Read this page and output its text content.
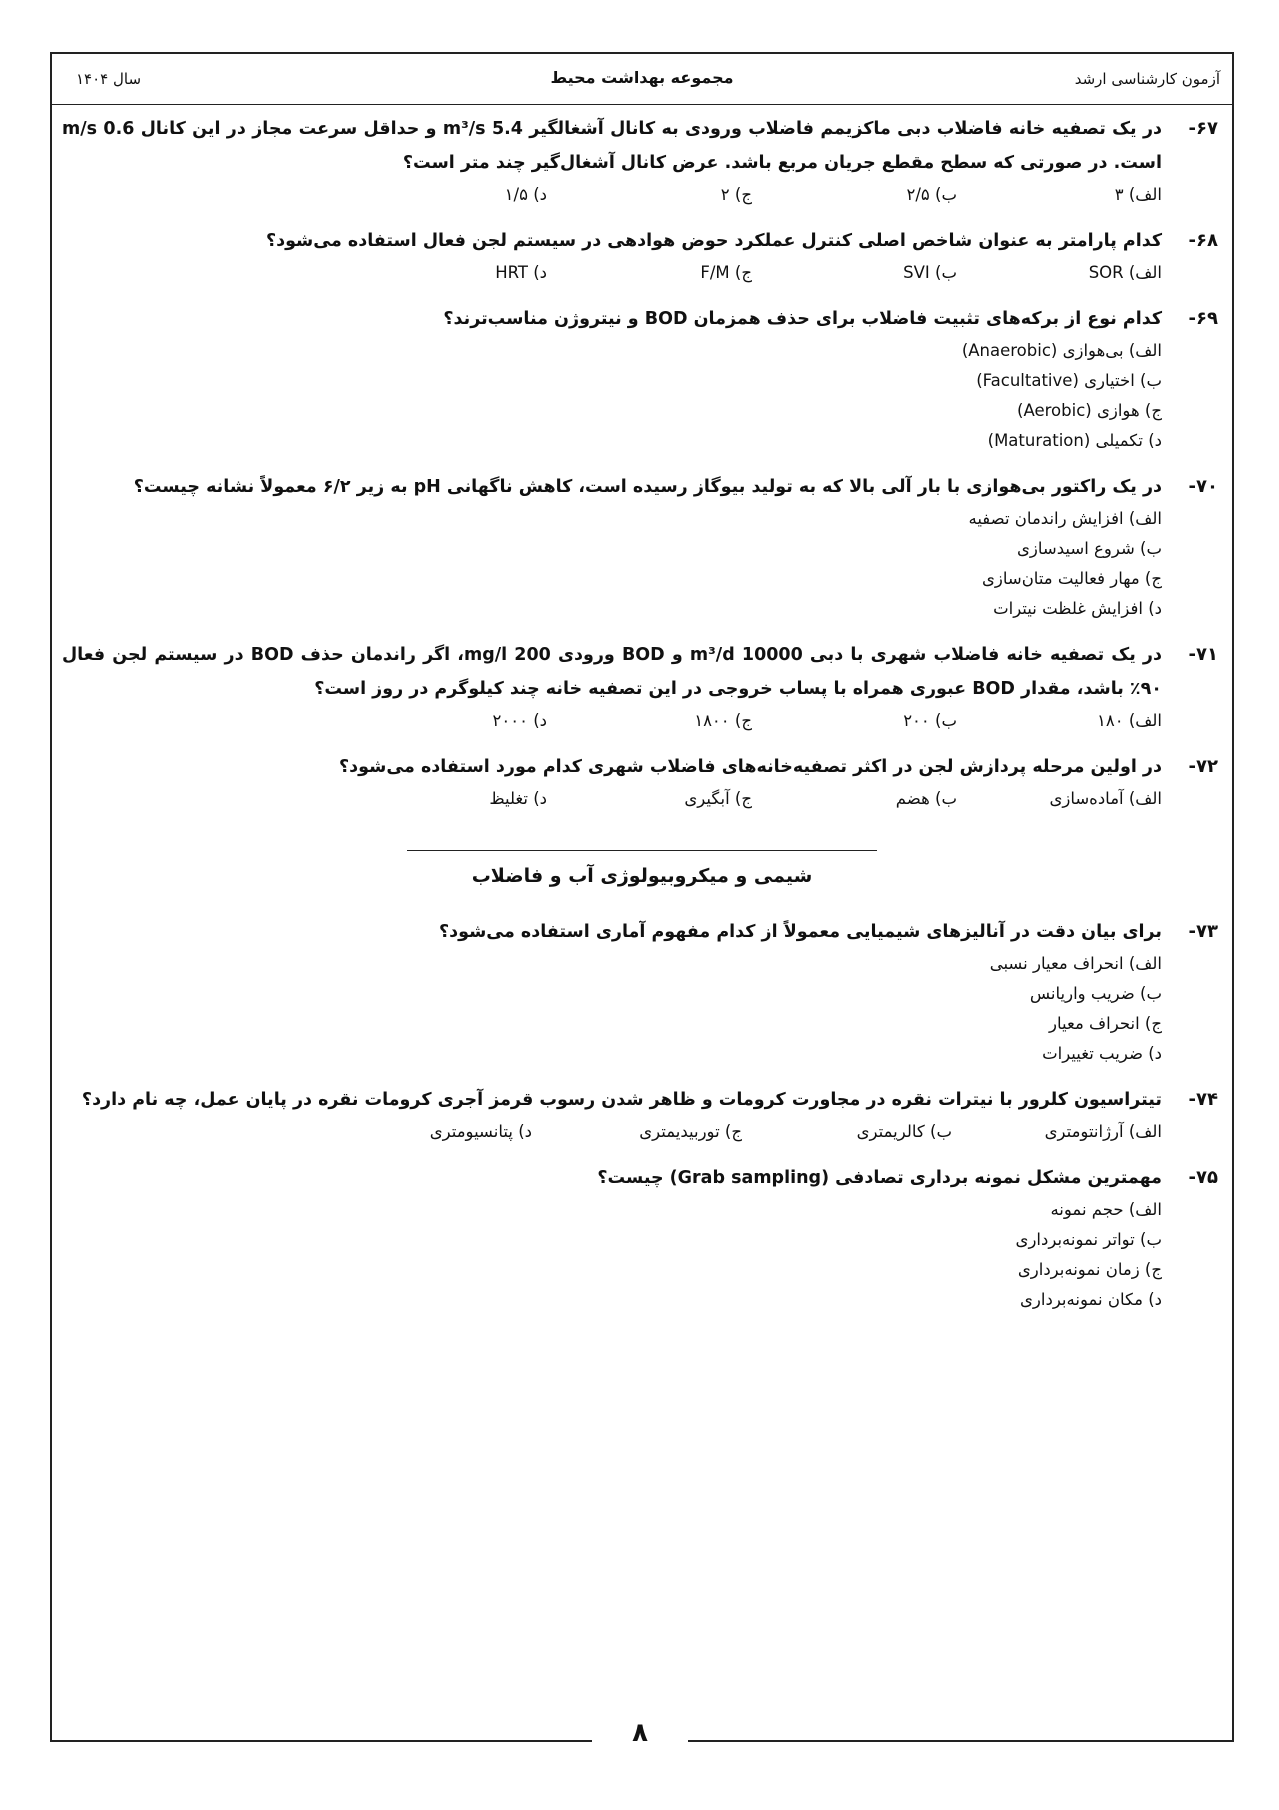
آزمون کارشناسی ارشد
مجموعه بهداشت محیط
سال ۱۴۰۴
۶۷-
در یک تصفیه خانه فاضلاب دبی ماکزیمم فاضلاب ورودی به کانال آشغالگیر 5.4 m³/s و حداقل سرعت مجاز در این کانال 0.6 m/s است. در صورتی که سطح مقطع جریان مربع باشد. عرض کانال آشغال‌گیر چند متر است؟
الف) ۳
ب) ۲/۵
ج) ۲
د) ۱/۵
۶۸-
کدام پارامتر به عنوان شاخص اصلی کنترل عملکرد حوض هوادهی در سیستم لجن فعال استفاده می‌شود؟
الف) SOR
ب) SVI
ج) F/M
د) HRT
۶۹-
کدام نوع از برکه‌های تثبیت فاضلاب برای حذف همزمان BOD و نیتروژن مناسب‌ترند؟
الف) بی‌هوازی (Anaerobic)
ب) اختیاری (Facultative)
ج) هوازی (Aerobic)
د) تکمیلی (Maturation)
۷۰-
در یک راکتور بی‌هوازی با بار آلی بالا که به تولید بیوگاز رسیده است، کاهش ناگهانی pH به زیر ۶/۲ معمولاً نشانه چیست؟
الف) افزایش راندمان تصفیه
ب) شروع اسیدسازی
ج) مهار فعالیت متان‌سازی
د) افزایش غلظت نیترات
۷۱-
در یک تصفیه خانه فاضلاب شهری با دبی 10000 m³/d و BOD ورودی 200 mg/l، اگر راندمان حذف BOD در سیستم لجن فعال ۹۰٪ باشد، مقدار BOD عبوری همراه با پساب خروجی در این تصفیه خانه چند کیلوگرم در روز است؟
الف) ۱۸۰
ب) ۲۰۰
ج) ۱۸۰۰
د) ۲۰۰۰
۷۲-
در اولین مرحله پردازش لجن در اکثر تصفیه‌خانه‌های فاضلاب شهری کدام مورد استفاده می‌شود؟
الف) آماده‌سازی
ب) هضم
ج) آبگیری
د) تغلیظ
شیمی و میکروبیولوژی آب و فاضلاب
۷۳-
برای بیان دقت در آنالیزهای شیمیایی معمولاً از کدام مفهوم آماری استفاده می‌شود؟
الف) انحراف معیار نسبی
ب) ضریب واریانس
ج) انحراف معیار
د) ضریب تغییرات
۷۴-
تیتراسیون کلرور با نیترات نقره در مجاورت کرومات و ظاهر شدن رسوب قرمز آجری کرومات نقره در پایان عمل، چه نام دارد؟
الف) آرژانتومتری
ب) کالریمتری
ج) توربیدیمتری
د) پتانسیومتری
۷۵-
مهمترین مشکل نمونه برداری تصادفی (Grab sampling) چیست؟
الف) حجم نمونه
ب) تواتر نمونه‌برداری
ج) زمان نمونه‌برداری
د) مکان نمونه‌برداری
۸
